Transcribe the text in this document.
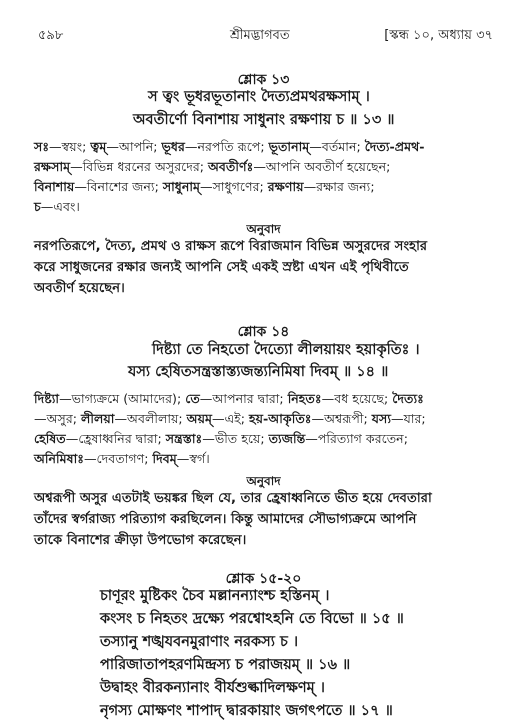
৫৯৮	শ্রীমদ্ভাগবত	[স্কন্ধ ১০, অধ্যায় ৩৭
শ্লোক ১৩
স ত্বং ভূধরভূতানাং দৈত্যপ্রমথরক্ষসাম্ ।
অবতীর্ণো বিনাশায় সাধুনাং রক্ষণায় চ ॥ ১৩ ॥
সঃ—স্বয়ং; ত্বম্—আপনি; ভূধর—নরপতি রূপে; ভূতানাম্—বর্তমান; দৈত্য-প্রমথ-
রক্ষসাম্—বিভিন্ন ধরনের অসুরদের; অবতীর্ণঃ—আপনি অবতীর্ণ হয়েছেন;
বিনাশায়—বিনাশের জন্য; সাধুনাম্—সাধুগণের; রক্ষণায়—রক্ষার জন্য;
চ—এবং।
অনুবাদ
নরপতিরূপে, দৈত্য, প্রমথ ও রাক্ষস রূপে বিরাজমান বিভিন্ন অসুরদের সংহার
করে সাধুজনের রক্ষার জন্যই আপনি সেই একই স্রষ্টা এখন এই পৃথিবীতে
অবতীর্ণ হয়েছেন।
শ্লোক ১৪
দিষ্ট্যা তে নিহতো দৈত্যো লীলয়ায়ং হয়াকৃতিঃ ।
যস্য হেষিতসন্ত্রস্তাস্ত্যজন্ত্যনিমিষা দিবম্ ॥ ১৪ ॥
দিষ্ট্যা—ভাগ্যক্রমে (আমাদের); তে—আপনার দ্বারা; নিহতঃ—বধ হয়েছে; দৈত্যঃ
—অসুর; লীলয়া—অবলীলায়; অয়ম্—এই; হয়-আকৃতিঃ—অশ্বরূপী; যস্য—যার;
হেষিত—হ্রেষাধ্বনির দ্বারা; সন্ত্রস্তাঃ—ভীত হয়ে; ত্যজন্তি—পরিত্যাগ করতেন;
অনিমিষাঃ—দেবতাগণ; দিবম্—স্বর্গ।
অনুবাদ
অশ্বরূপী অসুর এতটাই ভয়ঙ্কর ছিল যে, তার হ্রেষাধ্বনিতে ভীত হয়ে দেবতারা
তাঁদের স্বর্গরাজ্য পরিত্যাগ করছিলেন। কিন্তু আমাদের সৌভাগ্যক্রমে আপনি
তাকে বিনাশের ক্রীড়া উপভোগ করেছেন।
শ্লোক ১৫-২০
চাণূরং মুষ্টিকং চৈব মল্লানন্যাংশ্চ হস্তিনম্ ।
কংসং চ নিহতং দ্রক্ষ্যে পরশ্বোঽহনি তে বিভো ॥ ১৫ ॥
তস্যানু শঙ্খযবনমুরাণাং নরকস্য চ ।
পারিজাতাপহরণমিন্দ্রস্য চ পরাজয়ম্ ॥ ১৬ ॥
উদ্বাহং বীরকন্যানাং বীর্যশুল্কাদিলক্ষণম্ ।
নৃগস্য মোক্ষণং শাপাদ্ দ্বারকায়াং জগৎপতে ॥ ১৭ ॥
